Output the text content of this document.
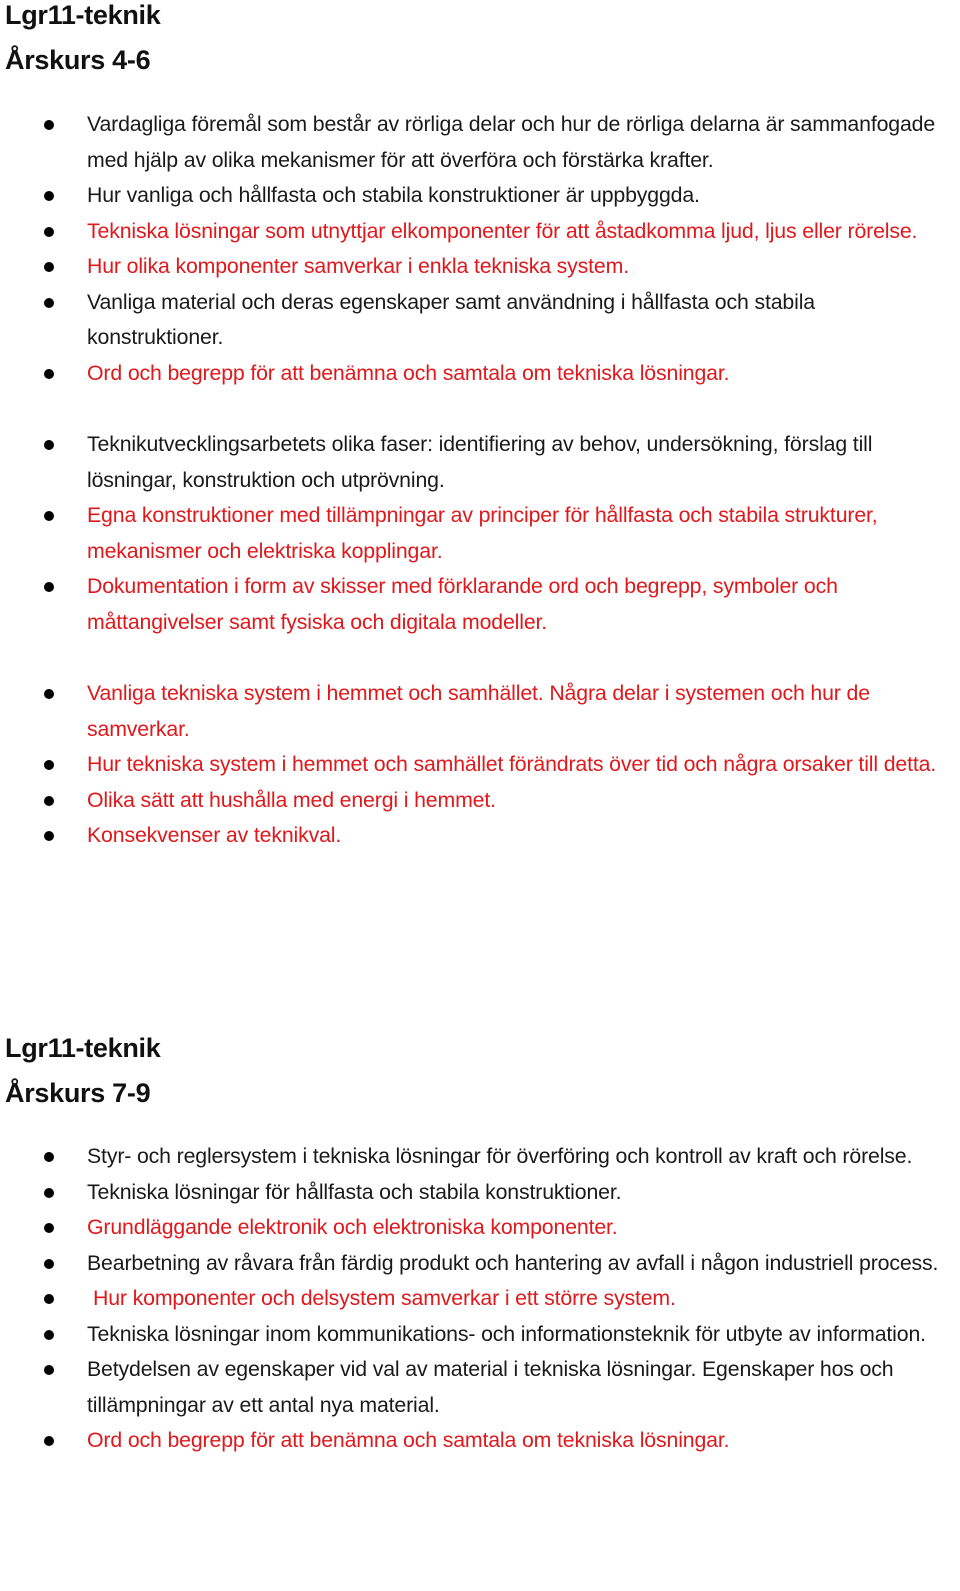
Lgr11-teknik
Årskurs 4-6
Vardagliga föremål som består av rörliga delar och hur de rörliga delarna är sammanfogade med hjälp av olika mekanismer för att överföra och förstärka krafter.
Hur vanliga och hållfasta och stabila konstruktioner är uppbyggda.
Tekniska lösningar som utnyttjar elkomponenter för att åstadkomma ljud, ljus eller rörelse.
Hur olika komponenter samverkar i enkla tekniska system.
Vanliga material och deras egenskaper samt användning i hållfasta och stabila konstruktioner.
Ord och begrepp för att benämna och samtala om tekniska lösningar.
Teknikutvecklingsarbetets olika faser: identifiering av behov, undersökning, förslag till lösningar, konstruktion och utprövning.
Egna konstruktioner med tillämpningar av principer för hållfasta och stabila strukturer, mekanismer och elektriska kopplingar.
Dokumentation i form av skisser med förklarande ord och begrepp, symboler och måttangivelser samt fysiska och digitala modeller.
Vanliga tekniska system i hemmet och samhället. Några delar i systemen och hur de samverkar.
Hur tekniska system i hemmet och samhället förändrats över tid och några orsaker till detta.
Olika sätt att hushålla med energi i hemmet.
Konsekvenser av teknikval.
Lgr11-teknik
Årskurs 7-9
Styr- och reglersystem i tekniska lösningar för överföring och kontroll av kraft och rörelse.
Tekniska lösningar för hållfasta och stabila konstruktioner.
Grundläggande elektronik och elektroniska komponenter.
Bearbetning av råvara från färdig produkt och hantering av avfall i någon industriell process.
Hur komponenter och delsystem samverkar i ett större system.
Tekniska lösningar inom kommunikations- och informationsteknik för utbyte av information.
Betydelsen av egenskaper vid val av material i tekniska lösningar. Egenskaper hos och tillämpningar av ett antal nya material.
Ord och begrepp för att benämna och samtala om tekniska lösningar.
